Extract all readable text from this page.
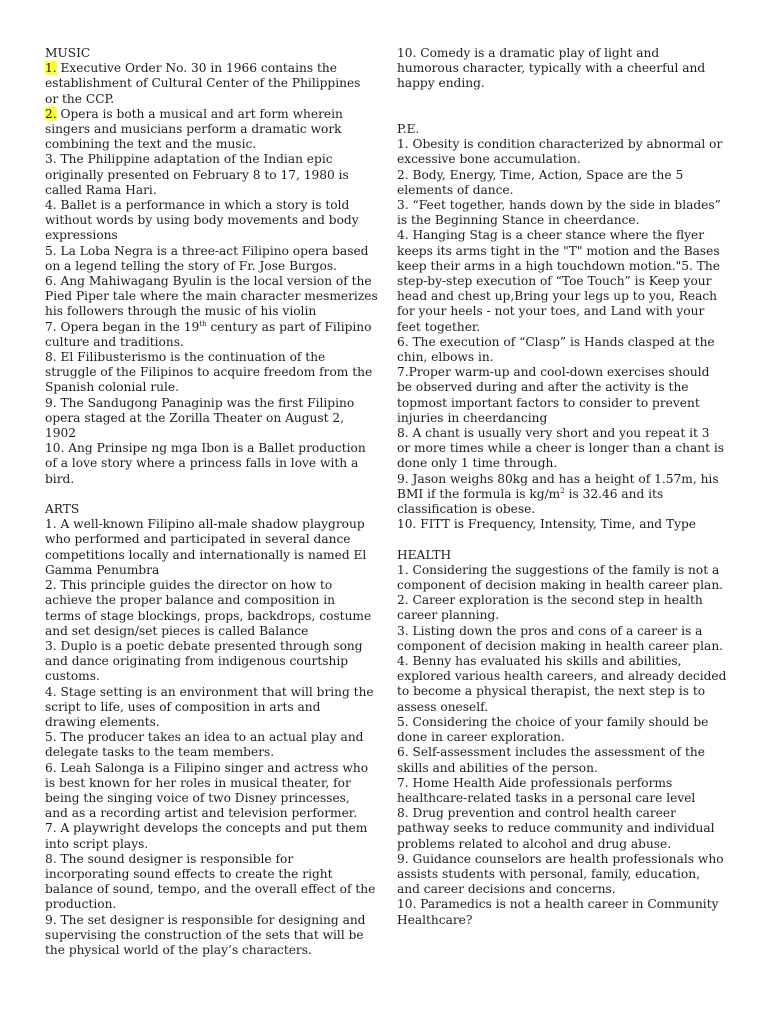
MUSIC
1. Executive Order No. 30 in 1966 contains the
establishment of Cultural Center of the Philippines
or the CCP.
2. Opera is both a musical and art form wherein
singers and musicians perform a dramatic work
combining the text and the music.
3. The Philippine adaptation of the Indian epic
originally presented on February 8 to 17, 1980 is
called Rama Hari.
4. Ballet is a performance in which a story is told
without words by using body movements and body
expressions
5. La Loba Negra is a three-act Filipino opera based
on a legend telling the story of Fr. Jose Burgos.
6. Ang Mahiwagang Byulin is the local version of the
Pied Piper tale where the main character mesmerizes
his followers through the music of his violin
7. Opera began in the 19th century as part of Filipino
culture and traditions.
8. El Filibusterismo is the continuation of the
struggle of the Filipinos to acquire freedom from the
Spanish colonial rule.
9. The Sandugong Panaginip was the first Filipino
opera staged at the Zorilla Theater on August 2,
1902
10. Ang Prinsipe ng mga Ibon is a Ballet production
of a love story where a princess falls in love with a
bird.
ARTS
1. A well-known Filipino all-male shadow playgroup
who performed and participated in several dance
competitions locally and internationally is named El
Gamma Penumbra
2. This principle guides the director on how to
achieve the proper balance and composition in
terms of stage blockings, props, backdrops, costume
and set design/set pieces is called Balance
3. Duplo is a poetic debate presented through song
and dance originating from indigenous courtship
customs.
4. Stage setting is an environment that will bring the
script to life, uses of composition in arts and
drawing elements.
5. The producer takes an idea to an actual play and
delegate tasks to the team members.
6. Leah Salonga is a Filipino singer and actress who
is best known for her roles in musical theater, for
being the singing voice of two Disney princesses,
and as a recording artist and television performer.
7. A playwright develops the concepts and put them
into script plays.
8. The sound designer is responsible for
incorporating sound effects to create the right
balance of sound, tempo, and the overall effect of the
production.
9. The set designer is responsible for designing and
supervising the construction of the sets that will be
the physical world of the play’s characters.
10. Comedy is a dramatic play of light and
humorous character, typically with a cheerful and
happy ending.
P.E.
1. Obesity is condition characterized by abnormal or
excessive bone accumulation.
2. Body, Energy, Time, Action, Space are the 5
elements of dance.
3. “Feet together, hands down by the side in blades”
is the Beginning Stance in cheerdance.
4. Hanging Stag is a cheer stance where the flyer
keeps its arms tight in the "T" motion and the Bases
keep their arms in a high touchdown motion."5. The
step-by-step execution of “Toe Touch” is Keep your
head and chest up,Bring your legs up to you, Reach
for your heels - not your toes, and Land with your
feet together.
6. The execution of “Clasp” is Hands clasped at the
chin, elbows in.
7.Proper warm-up and cool-down exercises should
be observed during and after the activity is the
topmost important factors to consider to prevent
injuries in cheerdancing
8. A chant is usually very short and you repeat it 3
or more times while a cheer is longer than a chant is
done only 1 time through.
9. Jason weighs 80kg and has a height of 1.57m, his
BMI if the formula is $kg/m^2$ is 32.46 and its
classification is obese.
10. FITT is Frequency, Intensity, Time, and Type
HEALTH
1. Considering the suggestions of the family is not a
component of decision making in health career plan.
2. Career exploration is the second step in health
career planning.
3. Listing down the pros and cons of a career is a
component of decision making in health career plan.
4. Benny has evaluated his skills and abilities,
explored various health careers, and already decided
to become a physical therapist, the next step is to
assess oneself.
5. Considering the choice of your family should be
done in career exploration.
6. Self-assessment includes the assessment of the
skills and abilities of the person.
7. Home Health Aide professionals performs
healthcare-related tasks in a personal care level
8. Drug prevention and control health career
pathway seeks to reduce community and individual
problems related to alcohol and drug abuse.
9. Guidance counselors are health professionals who
assists students with personal, family, education,
and career decisions and concerns.
10. Paramedics is not a health career in Community
Healthcare?
